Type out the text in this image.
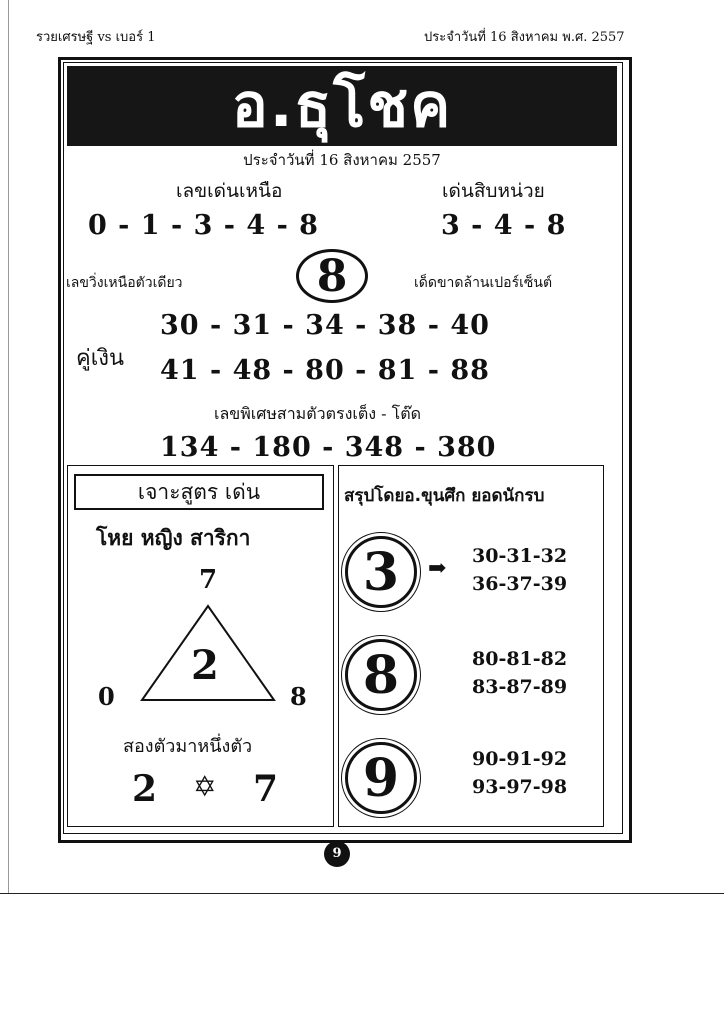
รวยเศรษฐี vs เบอร์ 1	ประจำวันที่ 16 สิงหาคม พ.ศ. 2557
อ.ธุโชค
ประจำวันที่ 16 สิงหาคม 2557
เลขเด่นเหนือ	เด่นสิบหน่วย
0 - 1 - 3 - 4 - 8	3 - 4 - 8
เลขวิ่งเหนือตัวเดียว	8	เด็ดขาดล้านเปอร์เซ็นต์
คู่เงิน
30 - 31 - 34 - 38 - 40
41 - 48 - 80 - 81 - 88
เลขพิเศษสามตัวตรงเต็ง - โต๊ด
134 - 180 - 348 - 380
เจาะสูตร เด่น
โหย หญิง สาริกา
7
2
0	8
สองตัวมาหนึ่งตัว
2 ✡ 7
สรุปโดยอ.ขุนศึก ยอดนักรบ
3	➡ 30-31-32
36-37-39
8	80-81-82
83-87-89
9	90-91-92
93-97-98
9
